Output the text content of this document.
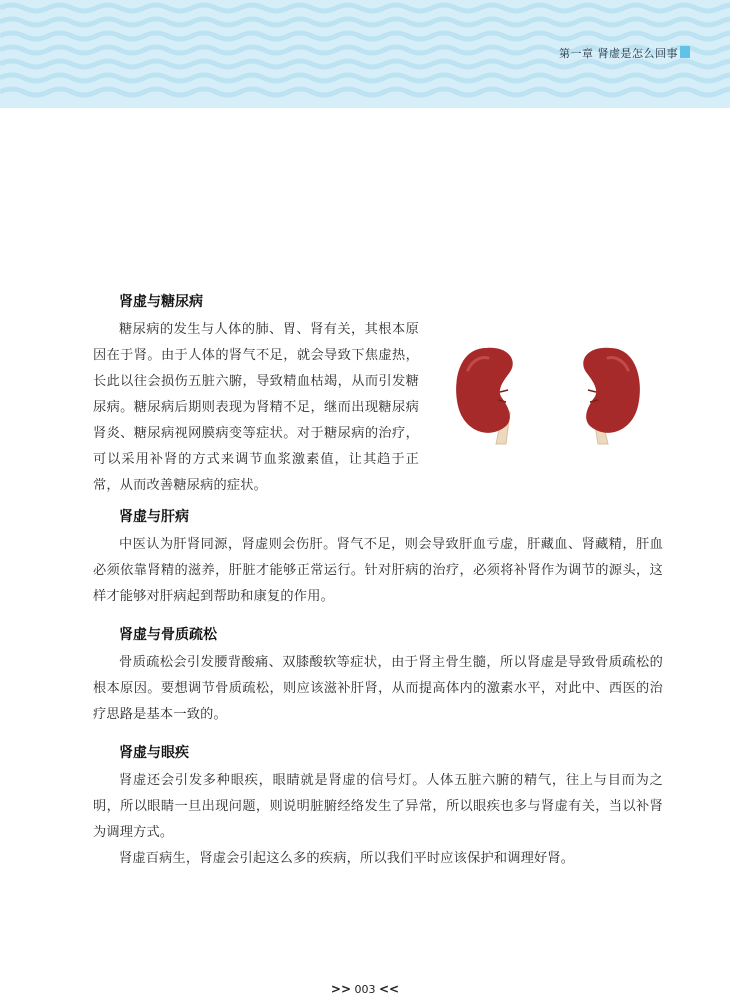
第一章 肾虚是怎么回事
肾虚与糖尿病

糖尿病的发生与人体的肺、胃、肾有关，其根本原因在于肾。由于人体的肾气不足，就会导致下焦虚热，长此以往会损伤五脏六腑，导致精血枯竭，从而引发糖尿病。糖尿病后期则表现为肾精不足，继而出现糖尿病肾炎、糖尿病视网膜病变等症状。对于糖尿病的治疗，可以采用补肾的方式来调节血浆激素值，让其趋于正常，从而改善糖尿病的症状。

肾虚与肝病

中医认为肝肾同源，肾虚则会伤肝。肾气不足，则会导致肝血亏虚，肝藏血、肾藏精，肝血必须依靠肾精的滋养，肝脏才能够正常运行。针对肝病的治疗，必须将补肾作为调节的源头，这样才能够对肝病起到帮助和康复的作用。

肾虚与骨质疏松

骨质疏松会引发腰背酸痛、双膝酸软等症状，由于肾主骨生髓，所以肾虚是导致骨质疏松的根本原因。要想调节骨质疏松，则应该滋补肝肾，从而提高体内的激素水平，对此中、西医的治疗思路是基本一致的。

肾虚与眼疾

肾虚还会引发多种眼疾，眼睛就是肾虚的信号灯。人体五脏六腑的精气，往上与目而为之明，所以眼睛一旦出现问题，则说明脏腑经络发生了异常，所以眼疾也多与肾虚有关，当以补肾为调理方式。

肾虚百病生，肾虚会引起这么多的疾病，所以我们平时应该保护和调理好肾。

>> 003 <<
